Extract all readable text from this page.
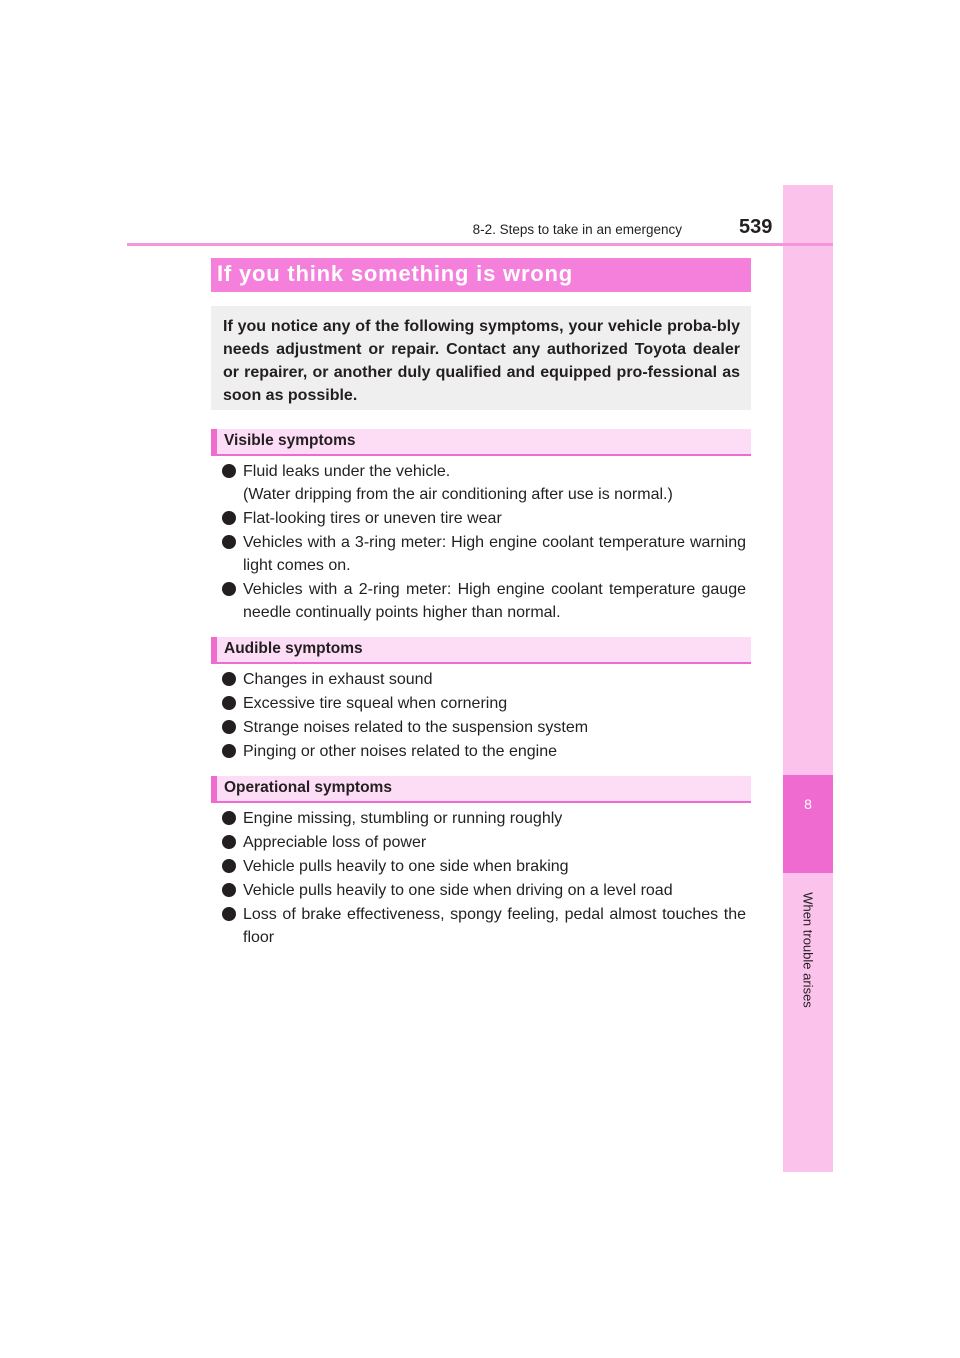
8
When trouble arises
8-2. Steps to take in an emergency	539
If you think something is wrong

If you notice any of the following symptoms, your vehicle proba-bly needs adjustment or repair. Contact any authorized Toyota dealer or repairer, or another duly qualified and equipped pro-fessional as soon as possible.

Visible symptoms
Fluid leaks under the vehicle.
(Water dripping from the air conditioning after use is normal.)
Flat-looking tires or uneven tire wear
Vehicles with a 3-ring meter: High engine coolant temperature warning light comes on.
Vehicles with a 2-ring meter: High engine coolant temperature gauge needle continually points higher than normal.
Audible symptoms
Changes in exhaust sound
Excessive tire squeal when cornering
Strange noises related to the suspension system
Pinging or other noises related to the engine
Operational symptoms
Engine missing, stumbling or running roughly
Appreciable loss of power
Vehicle pulls heavily to one side when braking
Vehicle pulls heavily to one side when driving on a level road
Loss of brake effectiveness, spongy feeling, pedal almost touches the floor
